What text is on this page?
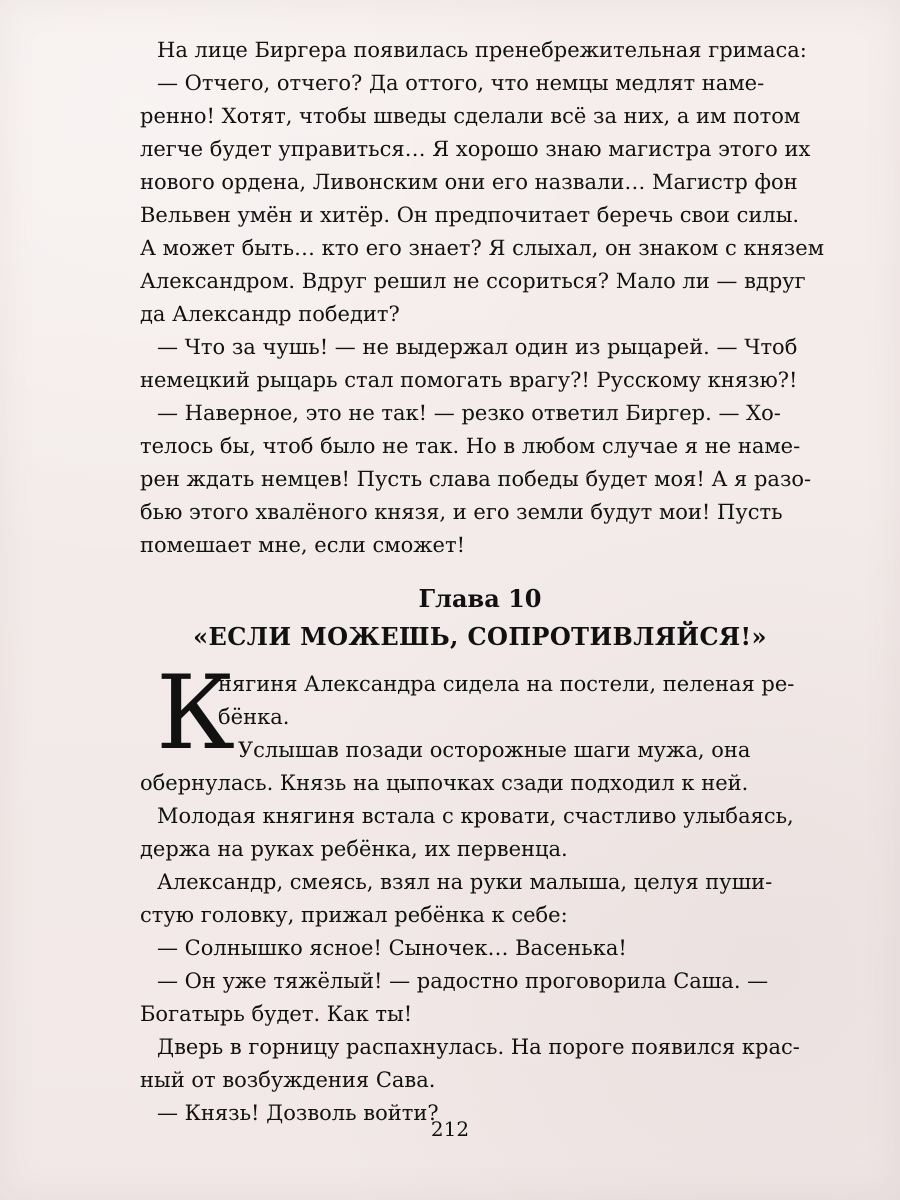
На лице Биргера появилась пренебрежительная гримаса:

— Отчего, отчего? Да оттого, что немцы медлят наме-

ренно! Хотят, чтобы шведы сделали всё за них, а им потом

легче будет управиться… Я хорошо знаю магистра этого их

нового ордена, Ливонским они его назвали… Магистр фон

Вельвен умён и хитёр. Он предпочитает беречь свои силы.

А может быть… кто его знает? Я слыхал, он знаком с князем

Александром. Вдруг решил не ссориться? Мало ли — вдруг

да Александр победит?

— Что за чушь! — не выдержал один из рыцарей. — Чтоб

немецкий рыцарь стал помогать врагу?! Русскому князю?!

— Наверное, это не так! — резко ответил Биргер. — Хо-

телось бы, чтоб было не так. Но в любом случае я не наме-

рен ждать немцев! Пусть слава победы будет моя! А я разо-

бью этого хвалёного князя, и его земли будут мои! Пусть

помешает мне, если сможет!

Глава 10

«ЕСЛИ МОЖЕШЬ, СОПРОТИВЛЯЙСЯ!»

К
нягиня Александра сидела на постели, пеленая ре-
бёнка.
Услышав позади осторожные шаги мужа, она

обернулась. Князь на цыпочках сзади подходил к ней.

Молодая княгиня встала с кровати, счастливо улыбаясь,

держа на руках ребёнка, их первенца.

Александр, смеясь, взял на руки малыша, целуя пуши-

стую головку, прижал ребёнка к себе:

— Солнышко ясное! Сыночек… Васенька!

— Он уже тяжёлый! — радостно проговорила Саша. —

Богатырь будет. Как ты!

Дверь в горницу распахнулась. На пороге появился крас-

ный от возбуждения Сава.

— Князь! Дозволь войти?

212
